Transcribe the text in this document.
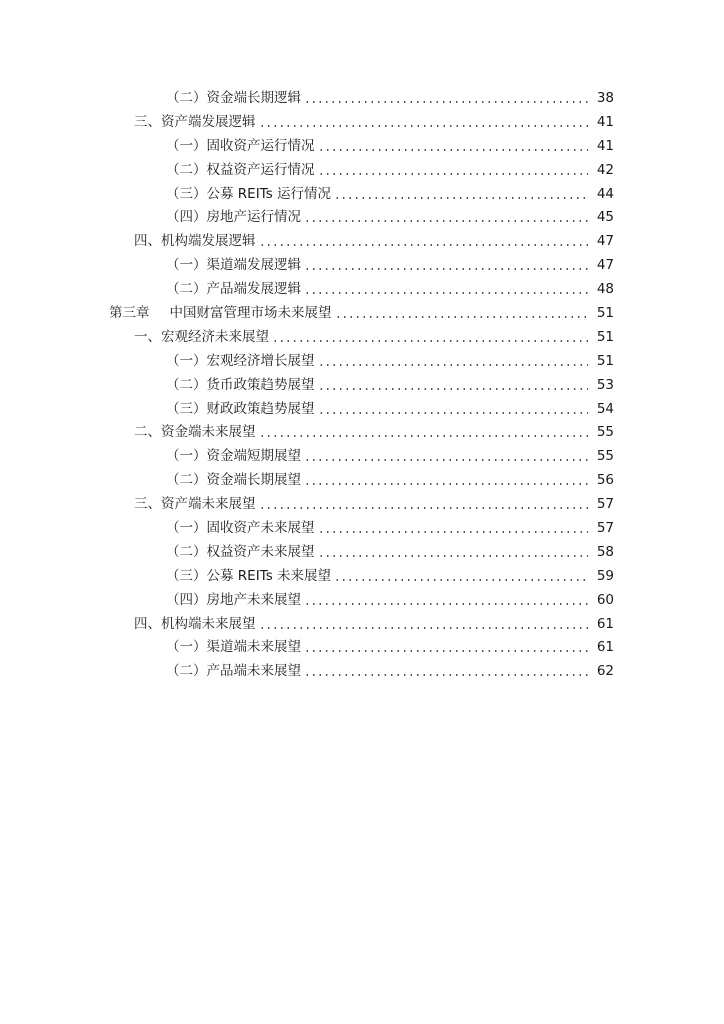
（二）资金端长期逻辑	38
三、资产端发展逻辑	41
（一）固收资产运行情况	41
（二）权益资产运行情况	42
（三）公募 REITs 运行情况	44
（四）房地产运行情况	45
四、机构端发展逻辑	47
（一）渠道端发展逻辑	47
（二）产品端发展逻辑	48
第三章 中国财富管理市场未来展望	51
一、宏观经济未来展望	51
（一）宏观经济增长展望	51
（二）货币政策趋势展望	53
（三）财政政策趋势展望	54
二、资金端未来展望	55
（一）资金端短期展望	55
（二）资金端长期展望	56
三、资产端未来展望	57
（一）固收资产未来展望	57
（二）权益资产未来展望	58
（三）公募 REITs 未来展望	59
（四）房地产未来展望	60
四、机构端未来展望	61
（一）渠道端未来展望	61
（二）产品端未来展望	62
